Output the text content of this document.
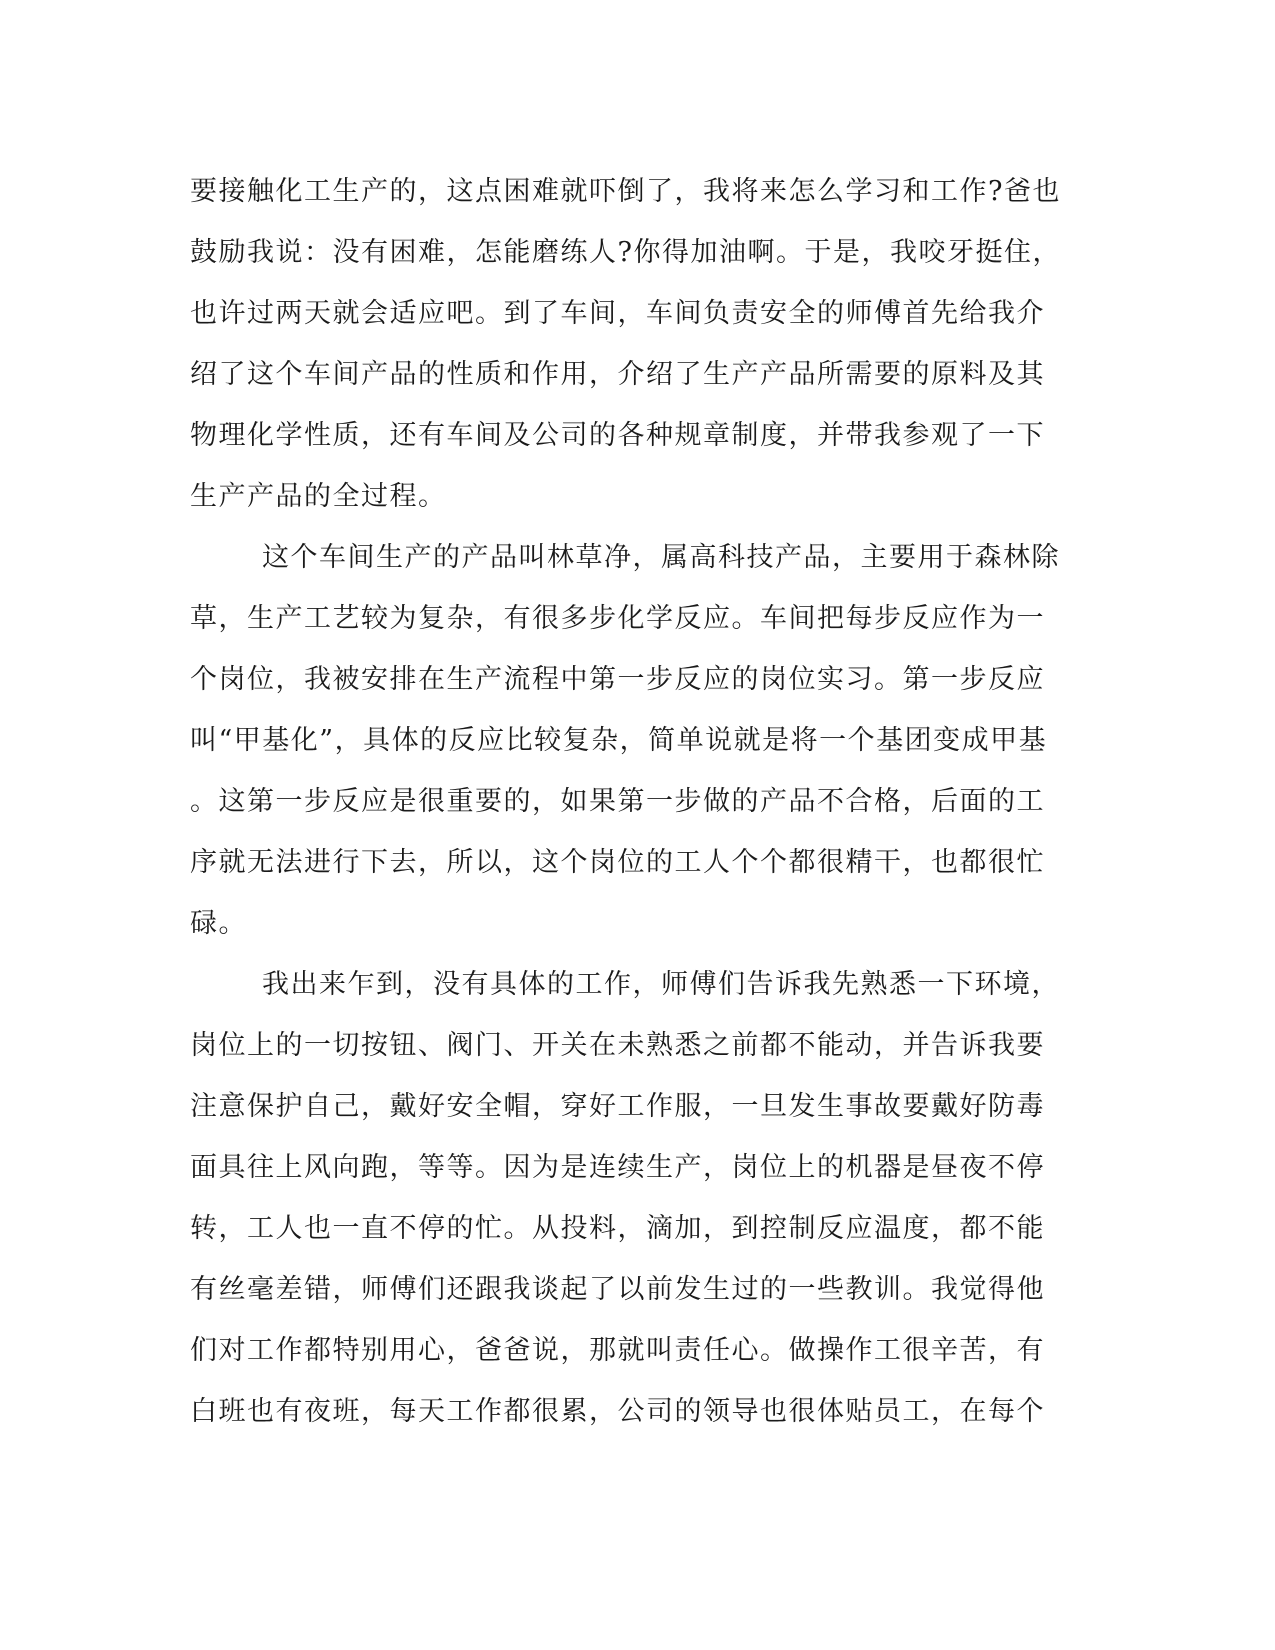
要接触化工生产的，这点困难就吓倒了，我将来怎么学习和工作?爸也
鼓励我说：没有困难，怎能磨练人?你得加油啊。于是，我咬牙挺住，
也许过两天就会适应吧。到了车间，车间负责安全的师傅首先给我介
绍了这个车间产品的性质和作用，介绍了生产产品所需要的原料及其
物理化学性质，还有车间及公司的各种规章制度，并带我参观了一下
生产产品的全过程。
这个车间生产的产品叫林草净，属高科技产品，主要用于森林除
草，生产工艺较为复杂，有很多步化学反应。车间把每步反应作为一
个岗位，我被安排在生产流程中第一步反应的岗位实习。第一步反应
叫“甲基化”，具体的反应比较复杂，简单说就是将一个基团变成甲基
。这第一步反应是很重要的，如果第一步做的产品不合格，后面的工
序就无法进行下去，所以，这个岗位的工人个个都很精干，也都很忙
碌。
我出来乍到，没有具体的工作，师傅们告诉我先熟悉一下环境，
岗位上的一切按钮、阀门、开关在未熟悉之前都不能动，并告诉我要
注意保护自己，戴好安全帽，穿好工作服，一旦发生事故要戴好防毒
面具往上风向跑，等等。因为是连续生产，岗位上的机器是昼夜不停
转，工人也一直不停的忙。从投料，滴加，到控制反应温度，都不能
有丝毫差错，师傅们还跟我谈起了以前发生过的一些教训。我觉得他
们对工作都特别用心，爸爸说，那就叫责任心。做操作工很辛苦，有
白班也有夜班，每天工作都很累，公司的领导也很体贴员工，在每个
